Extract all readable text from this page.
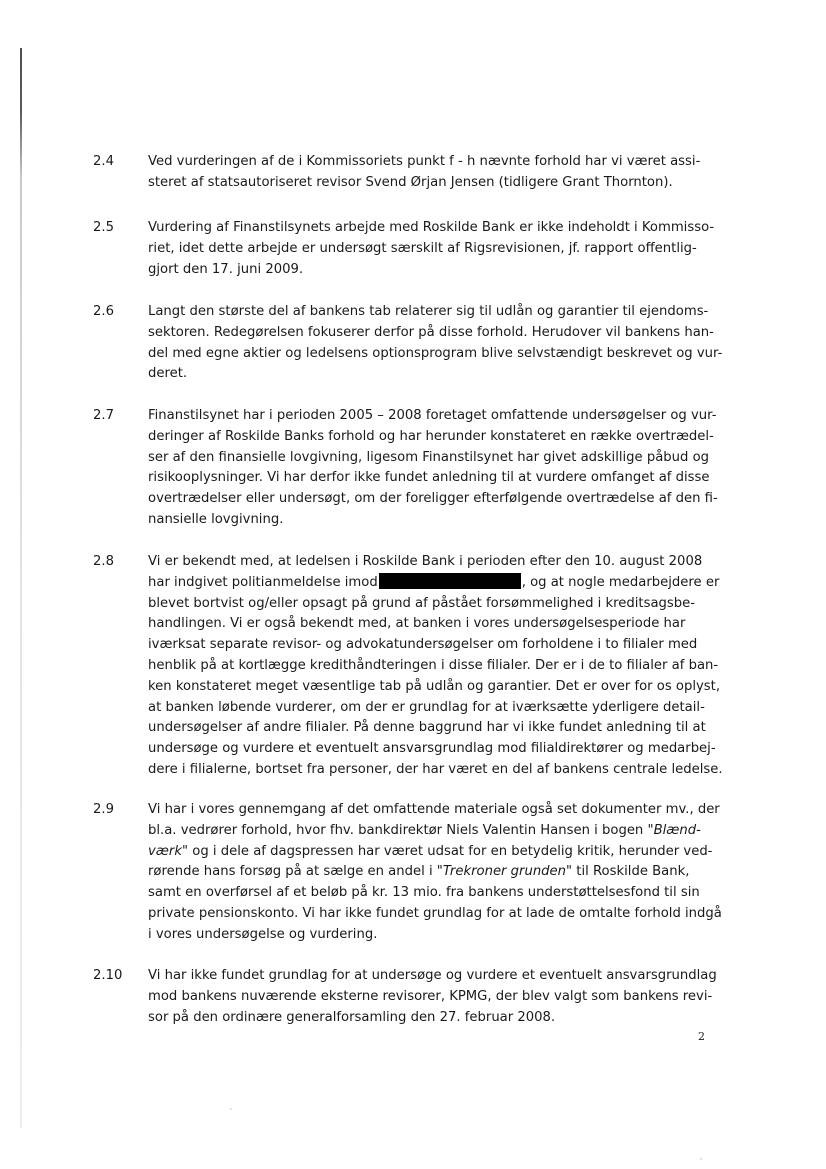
2.4	Ved vurderingen af de i Kommissoriets punkt f - h nævnte forhold har vi været assi-
steret af statsautoriseret revisor Svend Ørjan Jensen (tidligere Grant Thornton).
2.5	Vurdering af Finanstilsynets arbejde med Roskilde Bank er ikke indeholdt i Kommisso-
riet, idet dette arbejde er undersøgt særskilt af Rigsrevisionen, jf. rapport offentlig-
gjort den 17. juni 2009.
2.6	Langt den største del af bankens tab relaterer sig til udlån og garantier til ejendoms-
sektoren. Redegørelsen fokuserer derfor på disse forhold. Herudover vil bankens han-
del med egne aktier og ledelsens optionsprogram blive selvstændigt beskrevet og vur-
deret.
2.7	Finanstilsynet har i perioden 2005 – 2008 foretaget omfattende undersøgelser og vur-
deringer af Roskilde Banks forhold og har herunder konstateret en række overtrædel-
ser af den finansielle lovgivning, ligesom Finanstilsynet har givet adskillige påbud og
risikooplysninger. Vi har derfor ikke fundet anledning til at vurdere omfanget af disse
overtrædelser eller undersøgt, om der foreligger efterfølgende overtrædelse af den fi-
nansielle lovgivning.
2.8	Vi er bekendt med, at ledelsen i Roskilde Bank i perioden efter den 10. august 2008
har indgivet politianmeldelse imod	, og at nogle medarbejdere er
blevet bortvist og/eller opsagt på grund af påstået forsømmelighed i kreditsagsbe-
handlingen. Vi er også bekendt med, at banken i vores undersøgelsesperiode har
iværksat separate revisor- og advokatundersøgelser om forholdene i to filialer med
henblik på at kortlægge kredithåndteringen i disse filialer. Der er i de to filialer af ban-
ken konstateret meget væsentlige tab på udlån og garantier. Det er over for os oplyst,
at banken løbende vurderer, om der er grundlag for at iværksætte yderligere detail-
undersøgelser af andre filialer. På denne baggrund har vi ikke fundet anledning til at
undersøge og vurdere et eventuelt ansvarsgrundlag mod filialdirektører og medarbej-
dere i filialerne, bortset fra personer, der har været en del af bankens centrale ledelse.
2.9	Vi har i vores gennemgang af det omfattende materiale også set dokumenter mv., der
bl.a. vedrører forhold, hvor fhv. bankdirektør Niels Valentin Hansen i bogen "Blænd-
værk" og i dele af dagspressen har været udsat for en betydelig kritik, herunder ved-
rørende hans forsøg på at sælge en andel i "Trekroner grunden" til Roskilde Bank,
samt en overførsel af et beløb på kr. 13 mio. fra bankens understøttelsesfond til sin
private pensionskonto. Vi har ikke fundet grundlag for at lade de omtalte forhold indgå
i vores undersøgelse og vurdering.
2.10 Vi har ikke fundet grundlag for at undersøge og vurdere et eventuelt ansvarsgrundlag
mod bankens nuværende eksterne revisorer, KPMG, der blev valgt som bankens revi-
sor på den ordinære generalforsamling den 27. februar 2008.
2
